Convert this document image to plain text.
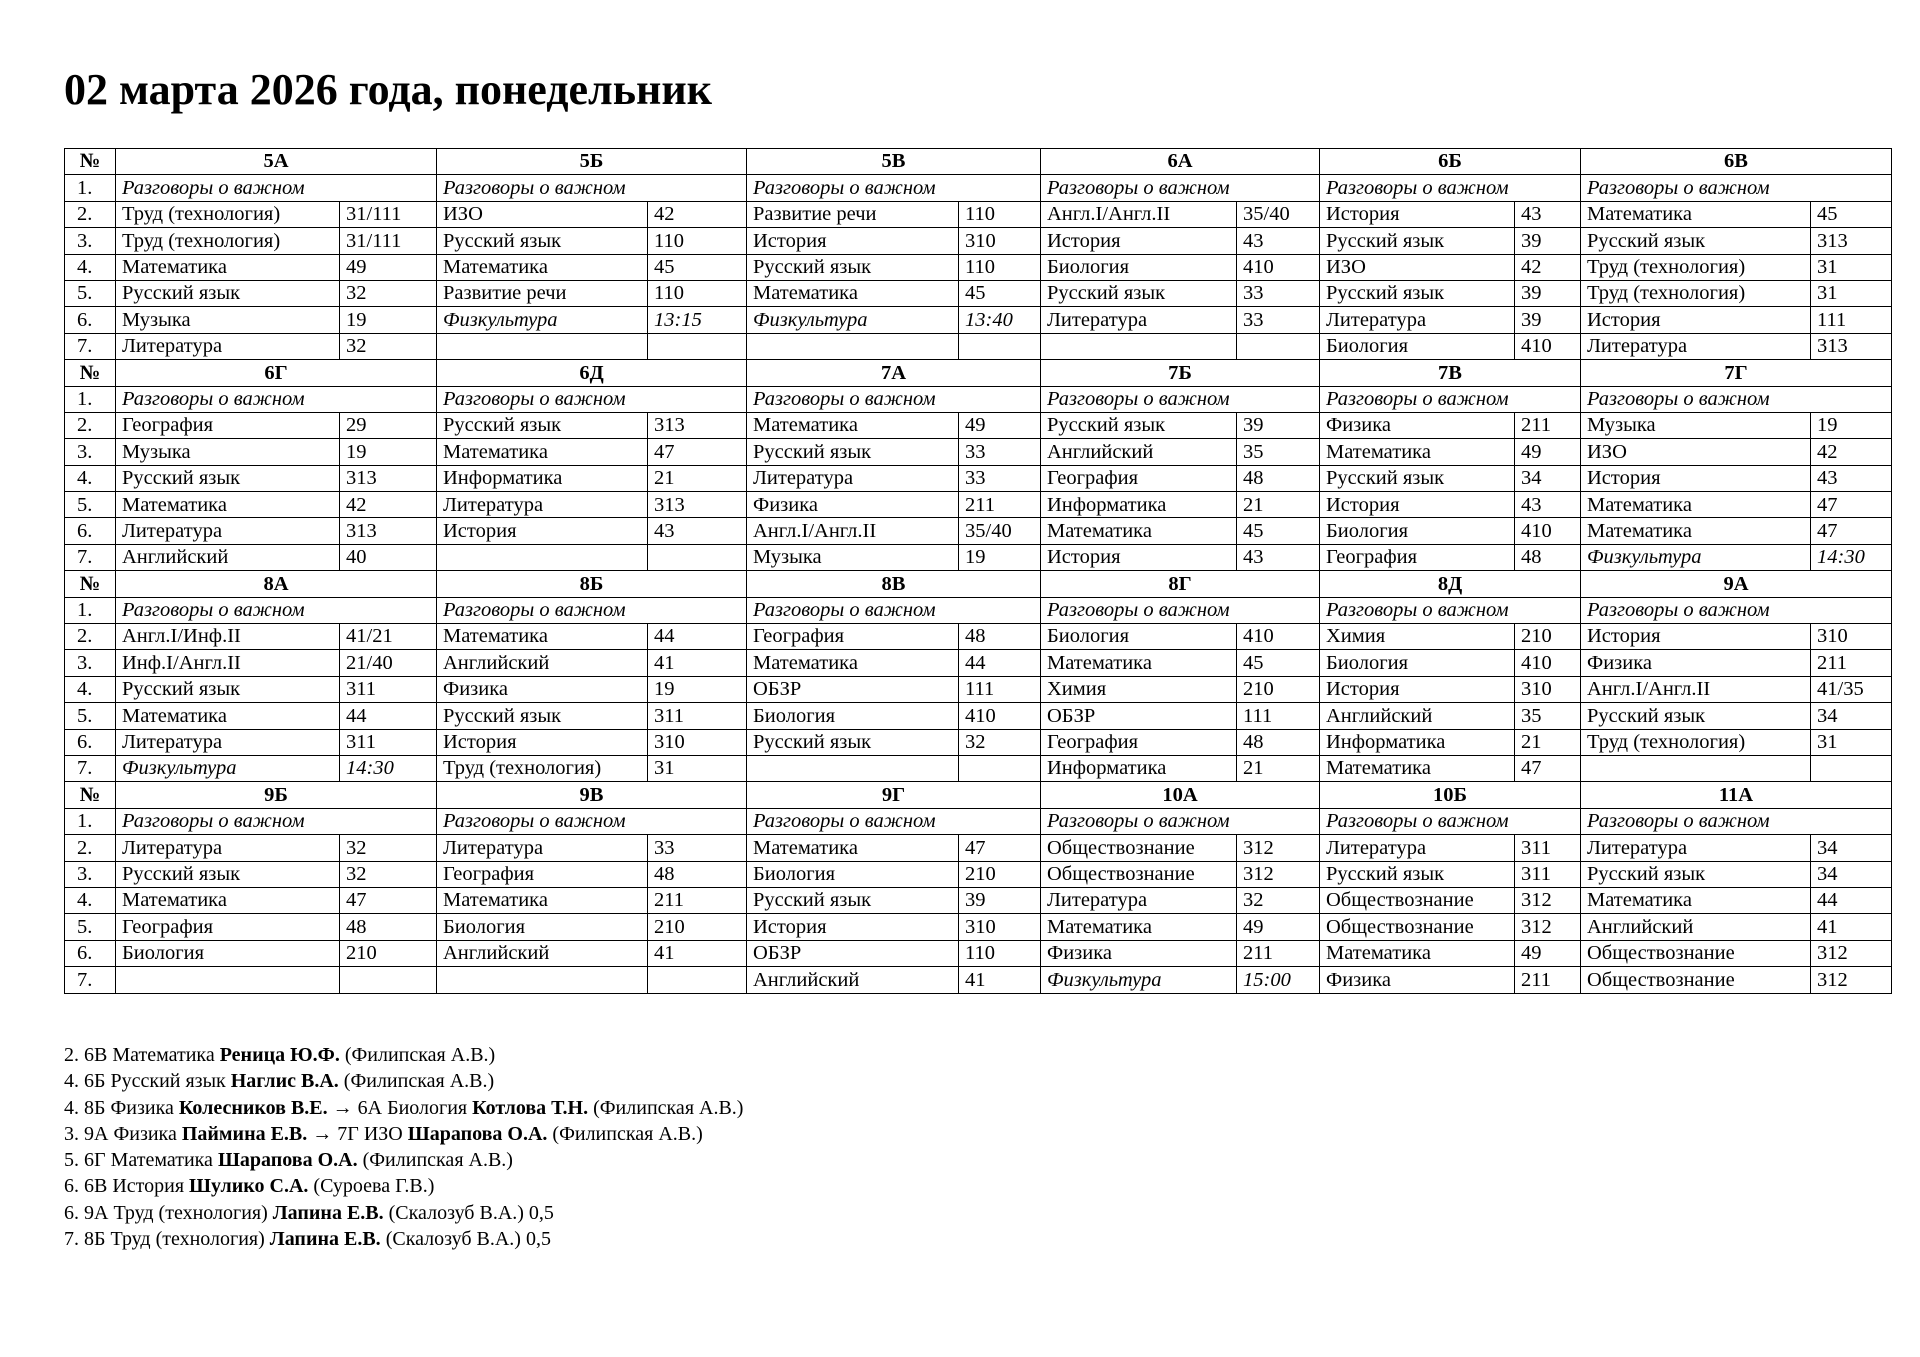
02 марта 2026 года, понедельник
№	5А		5Б		5В		6А		6Б		6В	
1.	Разговоры о важном		Разговоры о важном		Разговоры о важном		Разговоры о важном		Разговоры о важном		Разговоры о важном	
2.	Труд (технология)	31/111	ИЗО	42	Развитие речи	110	Англ.I/Англ.II	35/40	История	43	Математика	45
3.	Труд (технология)	31/111	Русский язык	110	История	310	История	43	Русский язык	39	Русский язык	313
4.	Математика	49	Математика	45	Русский язык	110	Биология	410	ИЗО	42	Труд (технология)	31
5.	Русский язык	32	Развитие речи	110	Математика	45	Русский язык	33	Русский язык	39	Труд (технология)	31
6.	Музыка	19	Физкультура	13:15	Физкультура	13:40	Литература	33	Литература	39	История	111
7.	Литература	32							Биология	410	Литература	313
№	6Г		6Д		7А		7Б		7В		7Г	
1.	Разговоры о важном		Разговоры о важном		Разговоры о важном		Разговоры о важном		Разговоры о важном		Разговоры о важном	
2.	География	29	Русский язык	313	Математика	49	Русский язык	39	Физика	211	Музыка	19
3.	Музыка	19	Математика	47	Русский язык	33	Английский	35	Математика	49	ИЗО	42
4.	Русский язык	313	Информатика	21	Литература	33	География	48	Русский язык	34	История	43
5.	Математика	42	Литература	313	Физика	211	Информатика	21	История	43	Математика	47
6.	Литература	313	История	43	Англ.I/Англ.II	35/40	Математика	45	Биология	410	Математика	47
7.	Английский	40			Музыка	19	История	43	География	48	Физкультура	14:30
№	8А		8Б		8В		8Г		8Д		9А	
1.	Разговоры о важном		Разговоры о важном		Разговоры о важном		Разговоры о важном		Разговоры о важном		Разговоры о важном	
2.	Англ.I/Инф.II	41/21	Математика	44	География	48	Биология	410	Химия	210	История	310
3.	Инф.I/Англ.II	21/40	Английский	41	Математика	44	Математика	45	Биология	410	Физика	211
4.	Русский язык	311	Физика	19	ОБЗР	111	Химия	210	История	310	Англ.I/Англ.II	41/35
5.	Математика	44	Русский язык	311	Биология	410	ОБЗР	111	Английский	35	Русский язык	34
6.	Литература	311	История	310	Русский язык	32	География	48	Информатика	21	Труд (технология)	31
7.	Физкультура	14:30	Труд (технология)	31			Информатика	21	Математика	47		
№	9Б		9В		9Г		10А		10Б		11А	
1.	Разговоры о важном		Разговоры о важном		Разговоры о важном		Разговоры о важном		Разговоры о важном		Разговоры о важном	
2.	Литература	32	Литература	33	Математика	47	Обществознание	312	Литература	311	Литература	34
3.	Русский язык	32	География	48	Биология	210	Обществознание	312	Русский язык	311	Русский язык	34
4.	Математика	47	Математика	211	Русский язык	39	Литература	32	Обществознание	312	Математика	44
5.	География	48	Биология	210	История	310	Математика	49	Обществознание	312	Английский	41
6.	Биология	210	Английский	41	ОБЗР	110	Физика	211	Математика	49	Обществознание	312
7.					Английский	41	Физкультура	15:00	Физика	211	Обществознание	312
2. 6В Математика Реница Ю.Ф. (Филипская А.В.)
4. 6Б Русский язык Наглис В.А. (Филипская А.В.)
4. 8Б Физика Колесников В.Е. → 6А Биология Котлова Т.Н. (Филипская А.В.)
3. 9А Физика Паймина Е.В. → 7Г ИЗО Шарапова О.А. (Филипская А.В.)
5. 6Г Математика Шарапова О.А. (Филипская А.В.)
6. 6В История Шулико С.А. (Суроева Г.В.)
6. 9А Труд (технология) Лапина Е.В. (Скалозуб В.А.) 0,5
7. 8Б Труд (технология) Лапина Е.В. (Скалозуб В.А.) 0,5
